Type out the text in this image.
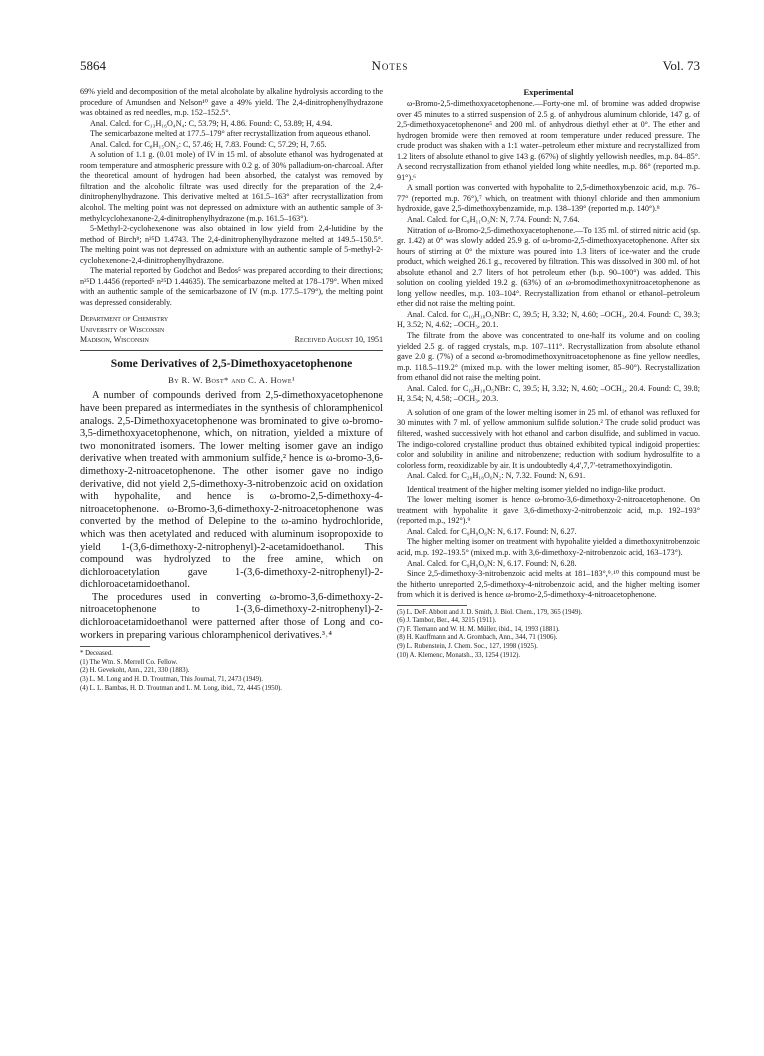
5864	Notes	Vol. 73

69% yield and decomposition of the metal alcoholate by alkaline hydrolysis according to the procedure of Amundsen and Nelson¹⁰ gave a 49% yield. The 2,4-dinitrophenylhydrazone was obtained as red needles, m.p. 152–152.5°.

Anal. Calcd. for C₁₃H₁₆O₄N₄: C, 53.79; H, 4.86. Found: C, 53.89; H, 4.94.

The semicarbazone melted at 177.5–179° after recrystallization from aqueous ethanol.

Anal. Calcd. for C₈H₁₅ON₃: C, 57.46; H, 7.83. Found: C, 57.29; H, 7.65.

A solution of 1.1 g. (0.01 mole) of IV in 15 ml. of absolute ethanol was hydrogenated at room temperature and atmospheric pressure with 0.2 g. of 30% palladium-on-charcoal. After the theoretical amount of hydrogen had been absorbed, the catalyst was removed by filtration and the alcoholic filtrate was used directly for the preparation of the 2,4-dinitrophenylhydrazone. This derivative melted at 161.5–163° after recrystallization from alcohol. The melting point was not depressed on admixture with an authentic sample of 3-methylcyclohexanone-2,4-dinitrophenylhydrazone (m.p. 161.5–163°).

5-Methyl-2-cyclohexenone was also obtained in low yield from 2,4-lutidine by the method of Birch⁸; n²⁵D 1.4743. The 2,4-dinitrophenylhydrazone melted at 149.5–150.5°. The melting point was not depressed on admixture with an authentic sample of 5-methyl-2-cyclohexenone-2,4-dinitrophenylhydrazone.

The material reported by Godchot and Bedos⁵ was prepared according to their directions; n²⁵D 1.4456 (reported⁵ n²⁵D 1.44635). The semicarbazone melted at 178–179°. When mixed with an authentic sample of the semicarbazone of IV (m.p. 177.5–179°), the melting point was depressed considerably.

Department of Chemistry
University of Wisconsin
Madison, Wisconsin	Received August 10, 1951
Some Derivatives of 2,5-Dimethoxyacetophenone
By R. W. Bost* and C. A. Howe¹

A number of compounds derived from 2,5-dimethoxyacetophenone have been prepared as intermediates in the synthesis of chloramphenicol analogs. 2,5-Dimethoxyacetophenone was brominated to give ω-bromo-3,5-dimethoxyacetophenone, which, on nitration, yielded a mixture of two mononitrated isomers. The lower melting isomer gave an indigo derivative when treated with ammonium sulfide,² hence is ω-bromo-3,6-dimethoxy-2-nitroacetophenone. The other isomer gave no indigo derivative, did not yield 2,5-dimethoxy-3-nitrobenzoic acid on oxidation with hypohalite, and hence is ω-bromo-2,5-dimethoxy-4-nitroacetophenone. ω-Bromo-3,6-dimethoxy-2-nitroacetophenone was converted by the method of Delepine to the ω-amino hydrochloride, which was then acetylated and reduced with aluminum isopropoxide to yield 1-(3,6-dimethoxy-2-nitrophenyl)-2-acetamidoethanol. This compound was hydrolyzed to the free amine, which on dichloroacetylation gave 1-(3,6-dimethoxy-2-nitrophenyl)-2-dichloroacetamidoethanol.

The procedures used in converting ω-bromo-3,6-dimethoxy-2-nitroacetophenone to 1-(3,6-dimethoxy-2-nitrophenyl)-2-dichloroacetamidoethanol were patterned after those of Long and co-workers in preparing various chloramphenicol derivatives.³˒⁴

* Deceased.

(1) The Wm. S. Merrell Co. Fellow.

(2) H. Gevekoht, Ann., 221, 330 (1883).

(3) L. M. Long and H. D. Troutman, This Journal, 71, 2473 (1949).

(4) L. L. Bambas, H. D. Troutman and L. M. Long, ibid., 72, 4445 (1950).

Experimental

ω-Bromo-2,5-dimethoxyacetophenone.—Forty-one ml. of bromine was added dropwise over 45 minutes to a stirred suspension of 2.5 g. of anhydrous aluminum chloride, 147 g. of 2,5-dimethoxyacetophenone⁵ and 200 ml. of anhydrous diethyl ether at 0°. The ether and hydrogen bromide were then removed at room temperature under reduced pressure. The crude product was shaken with a 1:1 water–petroleum ether mixture and recrystallized from 1.2 liters of absolute ethanol to give 143 g. (67%) of slightly yellowish needles, m.p. 84–85°. A second recrystallization from ethanol yielded long white needles, m.p. 86° (reported m.p. 91°).⁶

A small portion was converted with hypohalite to 2,5-dimethoxybenzoic acid, m.p. 76–77° (reported m.p. 76°),⁷ which, on treatment with thionyl chloride and then ammonium hydroxide, gave 2,5-dimethoxybenzamide, m.p. 138–139° (reported m.p. 140°).⁸

Anal. Calcd. for C₉H₁₁O₃N: N, 7.74. Found: N, 7.64.

Nitration of ω-Bromo-2,5-dimethoxyacetophenone.—To 135 ml. of stirred nitric acid (sp. gr. 1.42) at 0° was slowly added 25.9 g. of ω-bromo-2,5-dimethoxyacetophenone. After six hours of stirring at 0° the mixture was poured into 1.3 liters of ice-water and the crude product, which weighed 26.1 g., recovered by filtration. This was dissolved in 300 ml. of hot absolute ethanol and 2.7 liters of hot petroleum ether (b.p. 90–100°) was added. This solution on cooling yielded 19.2 g. (63%) of an ω-bromodimethoxynitroacetophenone as long yellow needles, m.p. 103–104°. Recrystallization from ethanol or ethanol–petroleum ether did not raise the melting point.

Anal. Calcd. for C₁₀H₁₀O₅NBr: C, 39.5; H, 3.32; N, 4.60; –OCH₃, 20.4. Found: C, 39.3; H, 3.52; N, 4.62; –OCH₃, 20.1.

The filtrate from the above was concentrated to one-half its volume and on cooling yielded 2.5 g. of ragged crystals, m.p. 107–111°. Recrystallization from absolute ethanol gave 2.0 g. (7%) of a second ω-bromodimethoxynitroacetophenone as fine yellow needles, m.p. 118.5–119.2° (mixed m.p. with the lower melting isomer, 85–90°). Recrystallization from ethanol did not raise the melting point.

Anal. Calcd. for C₁₀H₁₀O₅NBr: C, 39.5; H, 3.32; N, 4.60; –OCH₃, 20.4. Found: C, 39.8; H, 3.54; N, 4.58; –OCH₃, 20.3.

A solution of one gram of the lower melting isomer in 25 ml. of ethanol was refluxed for 30 minutes with 7 ml. of yellow ammonium sulfide solution.² The crude solid product was filtered, washed successively with hot ethanol and carbon disulfide, and sublimed in vacuo. The indigo-colored crystalline product thus obtained exhibited typical indigoid properties: color and solubility in aniline and nitrobenzene; reduction with sodium hydrosulfite to a colorless form, reoxidizable by air. It is undoubtedly 4,4′,7,7′-tetramethoxyindigotin.

Anal. Calcd. for C₂₀H₁₈O₆N₂: N, 7.32. Found: N, 6.91.

Identical treatment of the higher melting isomer yielded no indigo-like product.

The lower melting isomer is hence ω-bromo-3,6-dimethoxy-2-nitroacetophenone. On treatment with hypohalite it gave 3,6-dimethoxy-2-nitrobenzoic acid, m.p. 192–193° (reported m.p., 192°).⁹

Anal. Calcd. for C₉H₉O₆N: N, 6.17. Found: N, 6.27.

The higher melting isomer on treatment with hypohalite yielded a dimethoxynitrobenzoic acid, m.p. 192–193.5° (mixed m.p. with 3,6-dimethoxy-2-nitrobenzoic acid, 163–173°).

Anal. Calcd. for C₉H₉O₆N: N, 6.17. Found: N, 6.28.

Since 2,5-dimethoxy-3-nitrobenzoic acid melts at 181–183°,⁹˒¹⁰ this compound must be the hitherto unreported 2,5-dimethoxy-4-nitrobenzoic acid, and the higher melting isomer from which it is derived is hence ω-bromo-2,5-dimethoxy-4-nitroacetophenone.

(5) L. DeF. Abbott and J. D. Smith, J. Biol. Chem., 179, 365 (1949).

(6) J. Tambor, Ber., 44, 3215 (1911).

(7) F. Tiemann and W. H. M. Müller, ibid., 14, 1993 (1881).

(8) H. Kauffmann and A. Grombach, Ann., 344, 71 (1906).

(9) L. Rubenstein, J. Chem. Soc., 127, 1998 (1925).

(10) A. Klemenc, Monatsh., 33, 1254 (1912).
